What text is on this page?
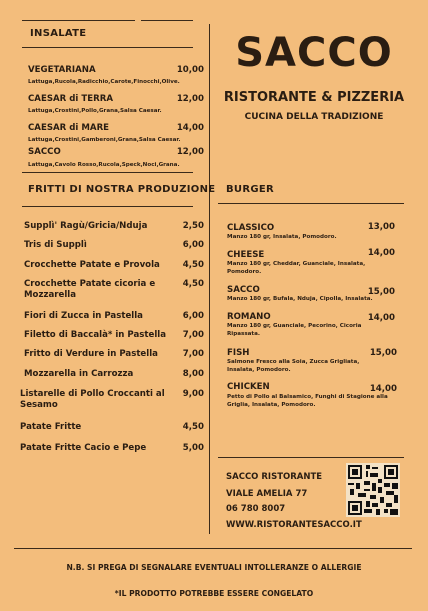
INSALATE
VEGETARIANA	10,00
Lattuga,Rucola,Radicchio,Carote,Finocchi,Olive.
CAESAR di TERRA	12,00
Lattuga,Crostini,Pollo,Grana,Salsa Caesar.
CAESAR di MARE	14,00
Lattuga,Crostini,Gamberoni,Grana,Salsa Caesar.
SACCO	12,00
Lattuga,Cavolo Rosso,Rucola,Speck,Noci,Grana.
SACCO
RISTORANTE & PIZZERIA
CUCINA DELLA TRADIZIONE
FRITTI DI NOSTRA PRODUZIONE
Supplì' Ragù/Gricia/Nduja	2,50
Tris di Supplì	6,00
Crocchette Patate e Provola	4,50
Crocchette Patate cicoria e Mozzarella
4,50
Fiori di Zucca in Pastella	6,00
Filetto di Baccalà* in Pastella	7,00
Fritto di Verdure in Pastella	7,00
Mozzarella in Carrozza	8,00
Listarelle di Pollo Croccanti al Sesamo
9,00
Patate Fritte	4,50
Patate Fritte Cacio e Pepe	5,00
BURGER
CLASSICO	13,00
Manzo 180 gr, Insalata, Pomodoro.
CHEESE	14,00
Manzo 180 gr, Cheddar, Guanciale, Insalata, Pomodoro.
SACCO	15,00
Manzo 180 gr, Bufala, Nduja, Cipolla, Insalata.
ROMANO	14,00
Manzo 180 gr, Guanciale, Pecorino, Cicoria Ripassata.
FISH	15,00
Salmone Fresco alla Soia, Zucca Grigliata, Insalata, Pomodoro.
CHICKEN	14,00
Petto di Pollo al Balsamico, Funghi di Stagione alla Griglia, Insalata, Pomodoro.
SACCO RISTORANTE
VIALE AMELIA 77
06 780 8007
WWW.RISTORANTESACCO.IT
N.B. SI PREGA DI SEGNALARE EVENTUALI INTOLLERANZE O ALLERGIE
*IL PRODOTTO POTREBBE ESSERE CONGELATO
